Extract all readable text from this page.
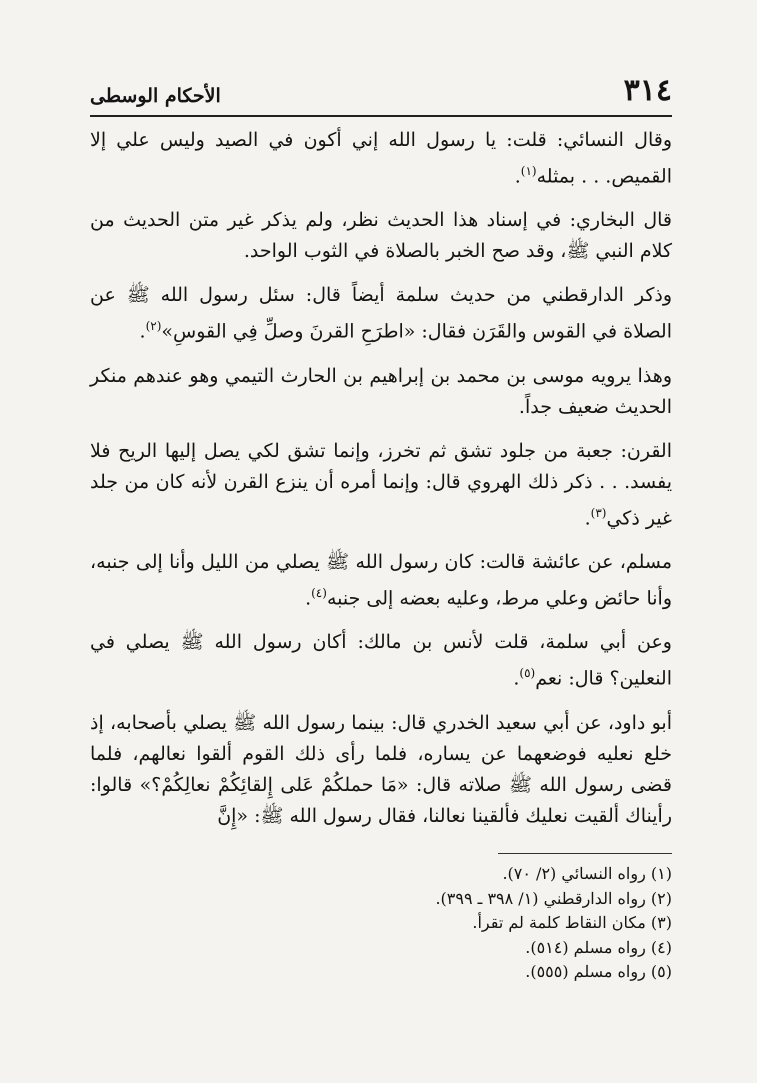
٣١٤
الأحكام الوسطى

وقال النسائي: قلت: يا رسول الله إني أكون في الصيد وليس علي إلا القميص. . . بمثله$^{(١)}$.

قال البخاري: في إسناد هذا الحديث نظر، ولم يذكر غير متن الحديث من كلام النبي ﷺ، وقد صح الخبر بالصلاة في الثوب الواحد.

وذكر الدارقطني من حديث سلمة أيضاً قال: سئل رسول الله ﷺ عن الصلاة في القوس والقَرَن فقال: «اطرَحِ القرنَ وصلِّ فِي القوسِ»$^{(٢)}$.

وهذا يرويه موسى بن محمد بن إبراهيم بن الحارث التيمي وهو عندهم منكر الحديث ضعيف جداً.

القرن: جعبة من جلود تشق ثم تخرز، وإنما تشق لكي يصل إليها الريح فلا يفسد. . . ذكر ذلك الهروي قال: وإنما أمره أن ينزع القرن لأنه كان من جلد غير ذكي$^{(٣)}$.

مسلم، عن عائشة قالت: كان رسول الله ﷺ يصلي من الليل وأنا إلى جنبه، وأنا حائض وعلي مرط، وعليه بعضه إلى جنبه$^{(٤)}$.

وعن أبي سلمة، قلت لأنس بن مالك: أكان رسول الله ﷺ يصلي في النعلين؟ قال: نعم$^{(٥)}$.

أبو داود، عن أبي سعيد الخدري قال: بينما رسول الله ﷺ يصلي بأصحابه، إذ خلع نعليه فوضعهما عن يساره، فلما رأى ذلك القوم ألقوا نعالهم، فلما قضى رسول الله ﷺ صلاته قال: «مَا حملكُمْ عَلى إِلقائِكُمْ نعالِكُمْ؟» قالوا: رأيناك ألقيت نعليك فألقينا نعالنا، فقال رسول الله ﷺ: «إِنَّ

(١) رواه النسائي (٢/ ٧٠).

(٢) رواه الدارقطني (١/ ٣٩٨ ـ ٣٩٩).

(٣) مكان النقاط كلمة لم تقرأ.

(٤) رواه مسلم (٥١٤).

(٥) رواه مسلم (٥٥٥).
